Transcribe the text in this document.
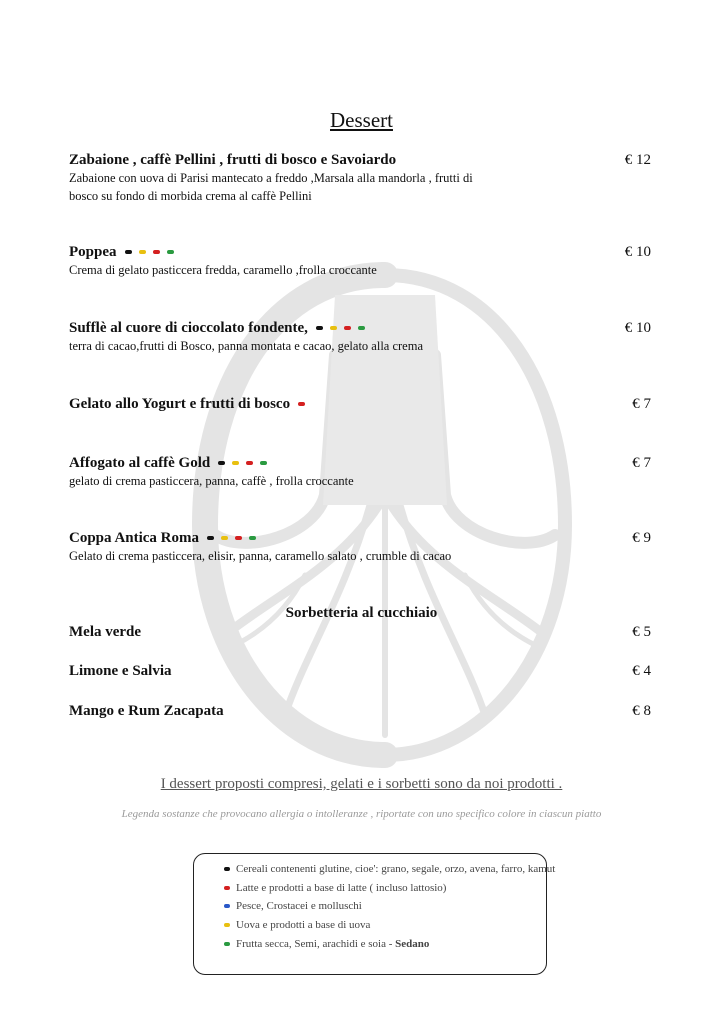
Dessert
Zabaione , caffè Pellini , frutti di bosco e Savoiardo	€ 12
Zabaione con uova di Parisi mantecato a freddo ,Marsala alla mandorla , frutti di
bosco su fondo di morbida crema al caffè Pellini
Poppea	€ 10
Crema di gelato pasticcera fredda, caramello ,frolla croccante
Sufflè al cuore di cioccolato fondente,	€ 10
terra di cacao,frutti di Bosco, panna montata e cacao, gelato alla crema
Gelato allo Yogurt e frutti di bosco	€ 7
Affogato al caffè Gold	€ 7
gelato di crema pasticcera, panna, caffè , frolla croccante
Coppa Antica Roma	€ 9
Gelato di crema pasticcera, elisir, panna, caramello salato , crumble di cacao
Sorbetteria al cucchiaio
Mela verde	€ 5
Limone e Salvia	€ 4
Mango e Rum Zacapata	€ 8
I dessert proposti compresi, gelati e i sorbetti sono da noi prodotti .
Legenda sostanze che provocano allergia o intolleranze , riportate con uno specifico colore in ciascun piatto
Cereali contenenti glutine, cioe': grano, segale, orzo, avena, farro, kamut
Latte e prodotti a base di latte ( incluso lattosio)
Pesce, Crostacei e molluschi
Uova e prodotti a base di uova
Frutta secca, Semi, arachidi e soia - Sedano
